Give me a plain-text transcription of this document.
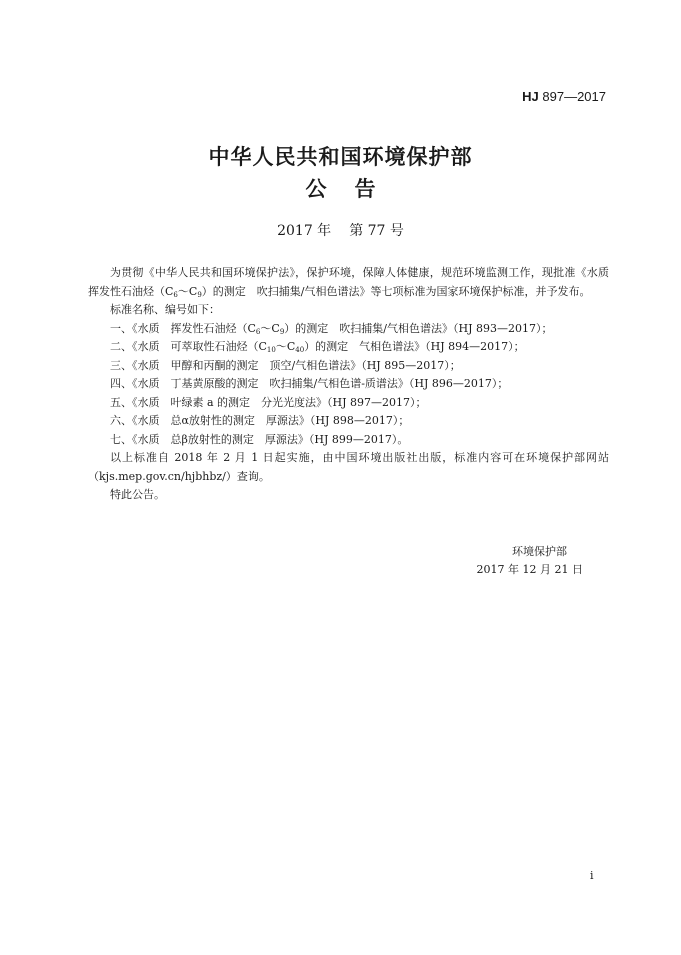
HJ 897—2017
中华人民共和国环境保护部
公 告
2017 年 第 77 号

为贯彻《中华人民共和国环境保护法》，保护环境，保障人体健康，规范环境监测工作，现批准《水质　挥发性石油烃$(C_6\sim C_9)$的测定　吹扫捕集/气相色谱法》等七项标准为国家环境保护标准，并予发布。

标准名称、编号如下：

一、《水质　挥发性石油烃$(C_6\sim C_9)$的测定　吹扫捕集/气相色谱法》（HJ 893—2017）；

二、《水质　可萃取性石油烃$(C_{10}\sim C_{40})$的测定　气相色谱法》（HJ 894—2017）；

三、《水质　甲醇和丙酮的测定　顶空/气相色谱法》（HJ 895—2017）；

四、《水质　丁基黄原酸的测定　吹扫捕集/气相色谱-质谱法》（HJ 896—2017）；

五、《水质　叶绿素 a 的测定　分光光度法》（HJ 897—2017）；

六、《水质　总α放射性的测定　厚源法》（HJ 898—2017）；

七、《水质　总β放射性的测定　厚源法》（HJ 899—2017）。

以上标准自 2018 年 2 月 1 日起实施，由中国环境出版社出版，标准内容可在环境保护部网站（kjs.mep.gov.cn/hjbhbz/）查询。

特此公告。

环境保护部
2017 年 12 月 21 日
i
